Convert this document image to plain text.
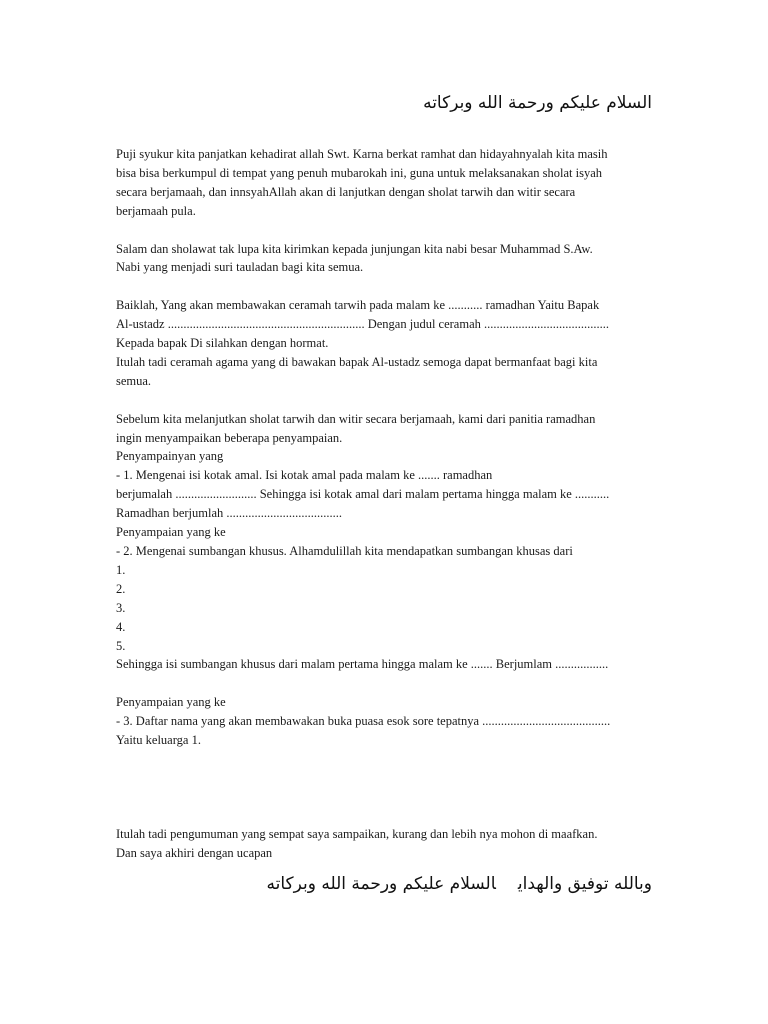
السلام عليكم ورحمة الله وبركاته
Puji syukur kita panjatkan kehadirat allah Swt. Karna berkat ramhat dan hidayahnyalah kita masih
bisa bisa berkumpul di tempat yang penuh mubarokah ini, guna untuk melaksanakan sholat isyah
secara berjamaah, dan innsyahAllah akan di lanjutkan dengan sholat tarwih dan witir secara
berjamaah pula.
Salam dan sholawat tak lupa kita kirimkan kepada junjungan kita nabi besar Muhammad S.Aw.
Nabi yang menjadi suri tauladan bagi kita semua.
Baiklah, Yang akan membawakan ceramah tarwih pada malam ke ........... ramadhan Yaitu Bapak
Al-ustadz ............................................................... Dengan judul ceramah ........................................
Kepada bapak Di silahkan dengan hormat.
Itulah tadi ceramah agama yang di bawakan bapak Al-ustadz semoga dapat bermanfaat bagi kita
semua.
Sebelum kita melanjutkan sholat tarwih dan witir secara berjamaah, kami dari panitia ramadhan
ingin menyampaikan beberapa penyampaian.
Penyampainyan yang
- 1. Mengenai isi kotak amal. Isi kotak amal pada malam ke ....... ramadhan
berjumalah .......................... Sehingga isi kotak amal dari malam pertama hingga malam ke ...........
Ramadhan berjumlah .....................................
Penyampaian yang ke
- 2. Mengenai sumbangan khusus. Alhamdulillah kita mendapatkan sumbangan khusas dari
1.
2.
3.
4.
5.
Sehingga isi sumbangan khusus dari malam pertama hingga malam ke ....... Berjumlam .................
Penyampaian yang ke
- 3. Daftar nama yang akan membawakan buka puasa esok sore tepatnya .........................................
Yaitu keluarga 1.
Itulah tadi pengumuman yang sempat saya sampaikan, kurang dan lebih nya mohon di maafkan.
Dan saya akhiri dengan ucapan
وبالله توفيق والهدايالسلام عليكم ورحمة الله وبركاته
